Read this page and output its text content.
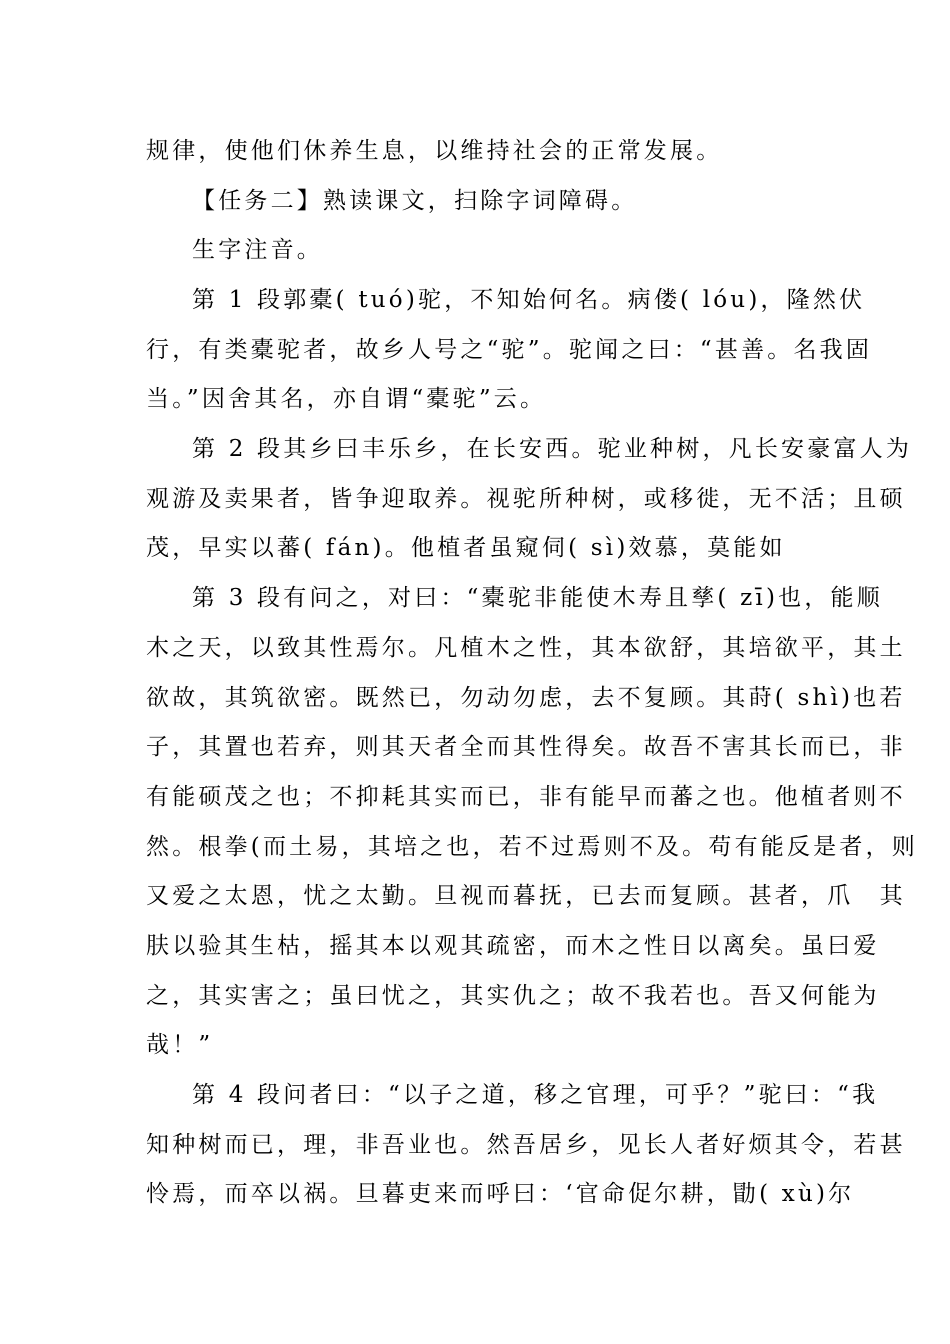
规律，使他们休养生息，以维持社会的正常发展。
【任务二】熟读课文，扫除字词障碍。
生字注音。
第 1 段郭橐( tuó)驼，不知始何名。病偻( lóu)，隆然伏
行，有类橐驼者，故乡人号之“驼”。驼闻之曰：“甚善。名我固
当。”因舍其名，亦自谓“橐驼”云。
第 2 段其乡曰丰乐乡，在长安西。驼业种树，凡长安豪富人为
观游及卖果者，皆争迎取养。视驼所种树，或移徙，无不活；且硕
茂，早实以蕃( fán)。他植者虽窥伺( sì)效慕，莫能如
第 3 段有问之，对曰：“橐驼非能使木寿且孳( zī)也，能顺
木之天，以致其性焉尔。凡植木之性，其本欲舒，其培欲平，其土
欲故，其筑欲密。既然已，勿动勿虑，去不复顾。其莳( shì)也若
子，其置也若弃，则其天者全而其性得矣。故吾不害其长而已，非
有能硕茂之也；不抑耗其实而已，非有能早而蕃之也。他植者则不
然。根拳(而土易，其培之也，若不过焉则不及。苟有能反是者，则
又爱之太恩，忧之太勤。旦视而暮抚，已去而复顾。甚者，爪　其
肤以验其生枯，摇其本以观其疏密，而木之性日以离矣。虽曰爱
之，其实害之；虽曰忧之，其实仇之；故不我若也。吾又何能为
哉！”
第 4 段问者曰：“以子之道，移之官理，可乎？”驼曰：“我
知种树而已，理，非吾业也。然吾居乡，见长人者好烦其令，若甚
怜焉，而卒以祸。旦暮吏来而呼曰：‘官命促尔耕，勖( xù)尔
